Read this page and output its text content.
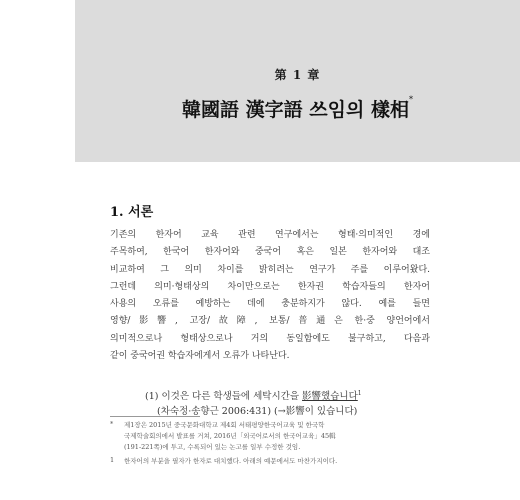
第 1 章
韓國語 漢字語 쓰임의 樣相*
1. 서론
기존의 한자어 교육 관련 연구에서는 형태·의미적인 경에
주목하여, 한국어 한자어와 중국어 혹은 일본 한자어와 대조
비교하여 그 의미 차이를 밝히려는 연구가 주를 이루어왔다.
그런데 의미·형태상의 차이만으로는 한자권 학습자들의 한자어
사용의 오류를 예방하는 데에 충분하지가 않다. 예를 들면
영향/影響, 고장/故障, 보통/普通은 한·중 양언어에서
의미적으로나 형태상으로나 거의 동일함에도 불구하고, 다음과
같이 중국어권 학습자에게서 오류가 나타난다.
(1) 이것은 다른 학생들에 세탁시간을 影響했습니다$^1$
(차숙정·송향근 2006:431) (→影響이 있습니다)
*	제1장은 2015년 중국문화대학교 제4회 서태평양한국어교육 및 한국학
국제학술회의에서 발표를 거쳐, 2016년「외국어로서의 한국어교육」45輯
(191-221쪽)에 투고, 수록되어 있는 논고를 일부 수정한 것임.
1	한자어의 부분을 필자가 한자로 대치했다. 아래의 예문에서도 마찬가지이다.
